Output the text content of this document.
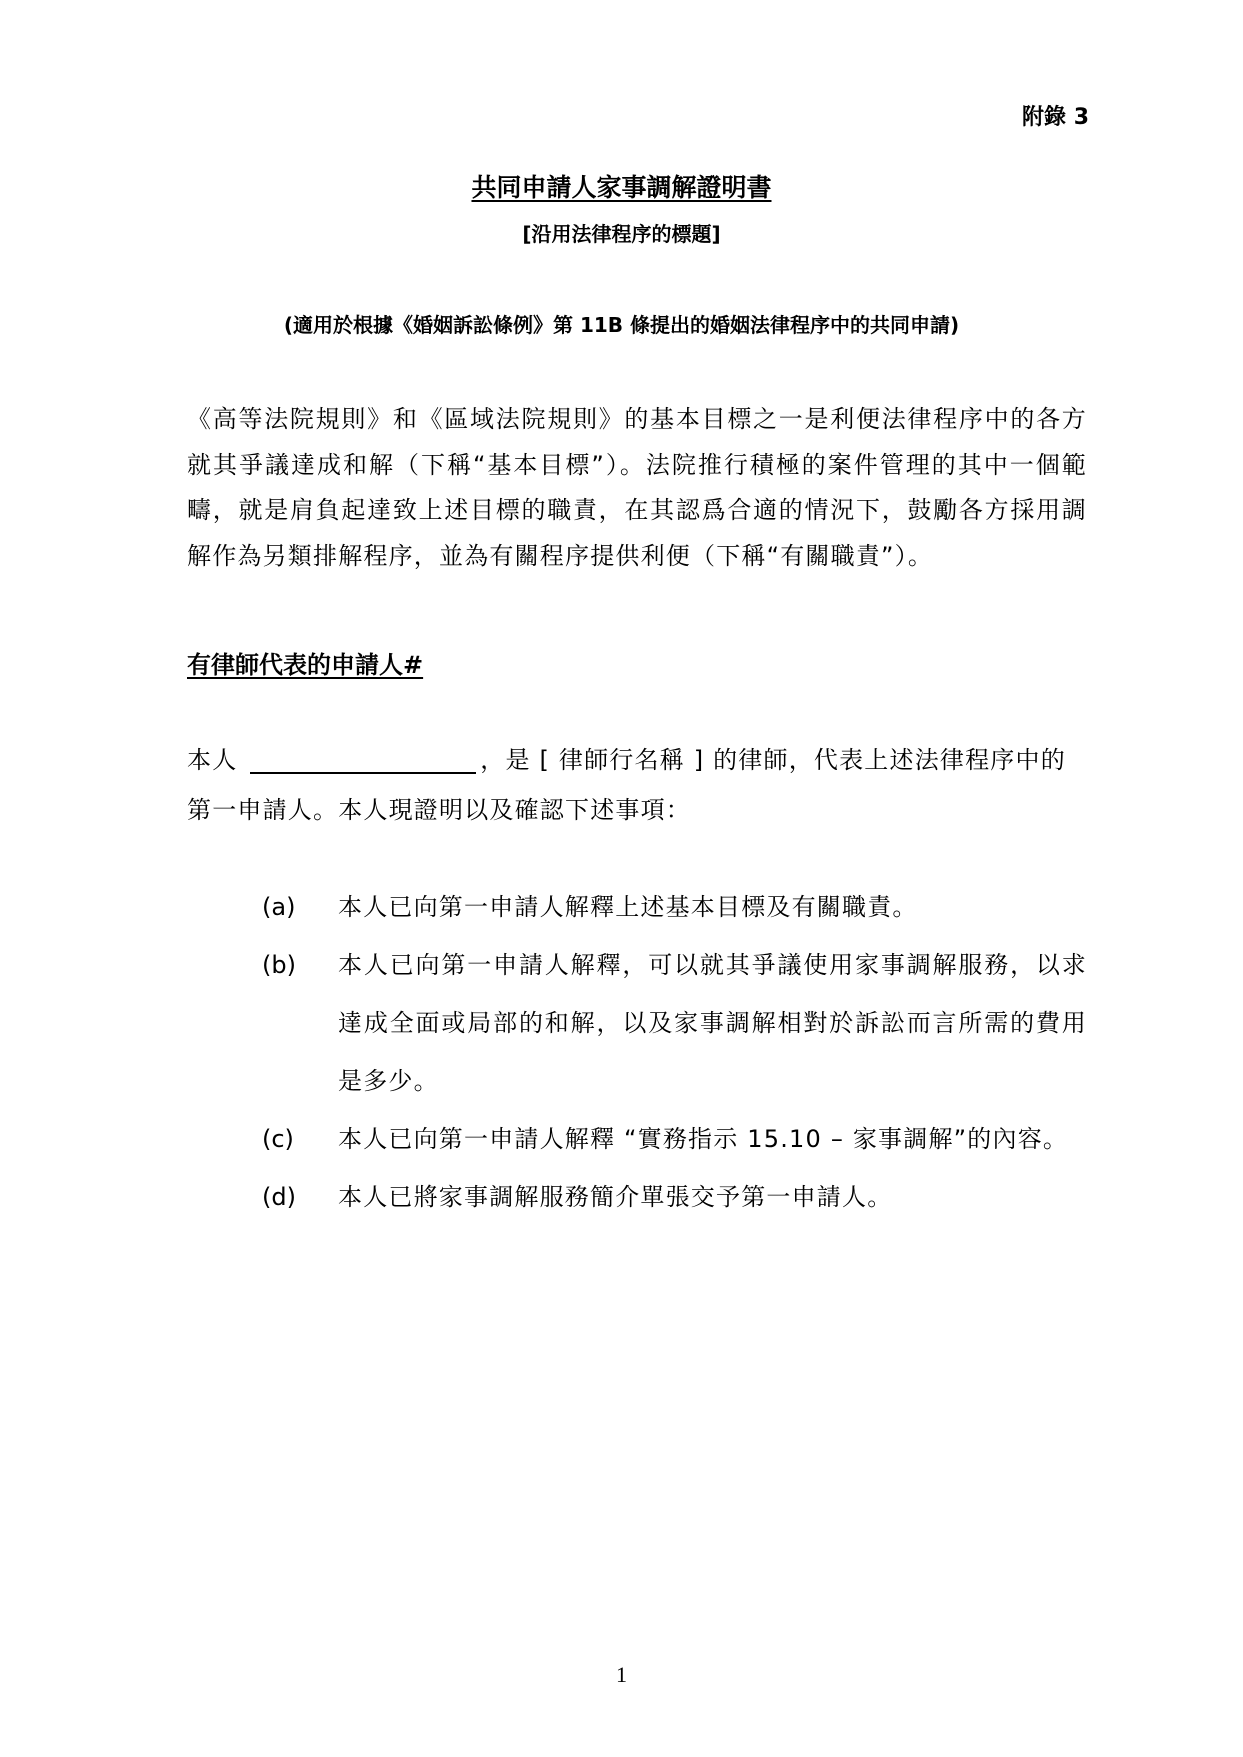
附錄 3
共同申請人家事調解證明書
[沿用法律程序的標題]
(適用於根據《婚姻訴訟條例》第 11B 條提出的婚姻法律程序中的共同申請)
《高等法院規則》和《區域法院規則》的基本目標之一是利便法律程序中的各方就其爭議達成和解（下稱“基本目標”）。法院推行積極的案件管理的其中一個範疇，就是肩負起達致上述目標的職責，在其認爲合適的情況下，鼓勵各方採用調解作為另類排解程序，並為有關程序提供利便（下稱“有關職責”）。
有律師代表的申請人#
本人	，是 [ 律師行名稱 ] 的律師，代表上述法律程序中的第一申請人。本人現證明以及確認下述事項：
(a)	本人已向第一申請人解釋上述基本目標及有關職責。
(b)	本人已向第一申請人解釋，可以就其爭議使用家事調解服務，以求達成全面或局部的和解，以及家事調解相對於訴訟而言所需的費用是多少。
(c)	本人已向第一申請人解釋 “實務指示 15.10 – 家事調解”的內容。
(d)	本人已將家事調解服務簡介單張交予第一申請人。
1
